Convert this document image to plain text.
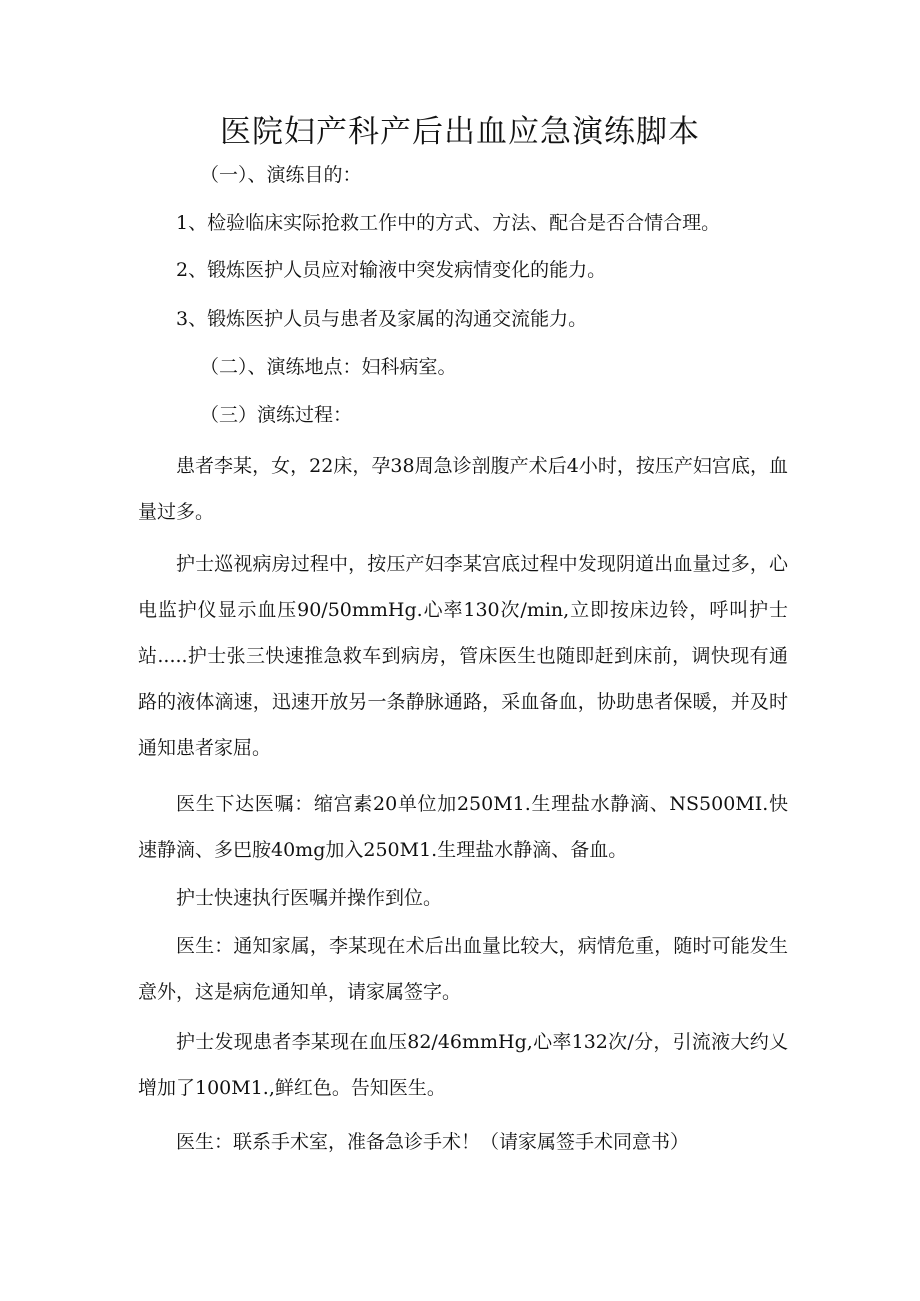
医院妇产科产后出血应急演练脚本

（一）、演练目的：

1、检验临床实际抢救工作中的方式、方法、配合是否合情合理。

2、锻炼医护人员应对输液中突发病情变化的能力。

3、锻炼医护人员与患者及家属的沟通交流能力。

（二）、演练地点：妇科病室。

（三）演练过程：

患者李某，女，22床，孕38周急诊剖腹产术后4小时，按压产妇宫底，血量过多。

护士巡视病房过程中，按压产妇李某宫底过程中发现阴道出血量过多，心电监护仪显示血压90/50mmHg.心率130次/min,立即按床边铃，呼叫护士站.....护士张三快速推急救车到病房，管床医生也随即赶到床前，调快现有通路的液体滴速，迅速开放另一条静脉通路，采血备血，协助患者保暖，并及时通知患者家屈。

医生下达医嘱：缩宫素20单位加250M1.生理盐水静滴、NS500MI.快速静滴、多巴胺40mg加入250M1.生理盐水静滴、备血。

护士快速执行医嘱并操作到位。

医生：通知家属，李某现在术后出血量比较大，病情危重，随时可能发生意外，这是病危通知单，请家属签字。

护士发现患者李某现在血压82/46mmHg,心率132次/分，引流液大约乂增加了100M1.,鲜红色。告知医生。

医生：联系手术室，准备急诊手术！（请家属签手术同意书）
